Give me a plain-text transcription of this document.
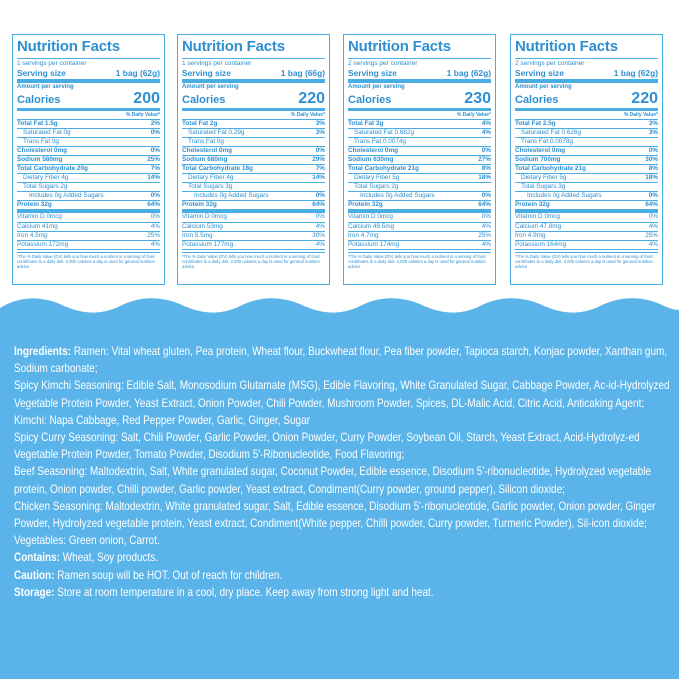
Nutrition Facts
1 servings per container
Serving size	1 bag (62g)
Amount per serving
Calories	200
% Daily Value*
Total Fat 1.5g	2%
Saturated Fat 0g	0%
Trans Fat 0g
Cholesterol 0mg	0%
Sodium 580mg	25%
Total Carbohydrate 20g	7%
Dietary Fiber 4g	14%
Total Sugars 2g
Includes 0g Added Sugars	0%
Protein 32g	64%
Vitamin D 0mcg	0%
Calcium 41mg	4%
Iron 4.5mg	25%
Potassium 172mg	4%
*The % Daily Value (DV) tells you how much a nutrient in a serving of food contributes to a daily diet. 2,000 calories a day is used for general nutrition advice.
Nutrition Facts
1 servings per container
Serving size	1 bag (66g)
Amount per serving
Calories	220
% Daily Value*
Total Fat 2g	3%
Saturated Fat 0.29g	3%
Trans Fat 0g
Cholesterol 0mg	0%
Sodium 680mg	29%
Total Carbohydrate 18g	7%
Dietary Fiber 4g	14%
Total Sugars 3g
Includes 0g Added Sugars	0%
Protein 32g	64%
Vitamin D 0mcg	0%
Calcium 53mg	4%
Iron 5.5mg	30%
Potassium 177mg	4%
*The % Daily Value (DV) tells you how much a nutrient in a serving of food contributes to a daily diet. 2,000 calories a day is used for general nutrition advice.
Nutrition Facts
2 servings per container
Serving size	1 bag (62g)
Amount per serving
Calories	230
% Daily Value*
Total Fat 3g	4%
Saturated Fat 0.682g	4%
Trans Fat 0.0074g
Cholesterol 0mg	0%
Sodium 630mg	27%
Total Carbohydrate 21g	8%
Dietary Fiber 5g	18%
Total Sugars 2g
Includes 0g Added Sugars	0%
Protein 32g	64%
Vitamin D 0mcg	0%
Calcium 49.5mg	4%
Iron 4.7mg	25%
Potassium 174mg	4%
*The % Daily Value (DV) tells you how much a nutrient in a serving of food contributes to a daily diet. 2,000 calories a day is used for general nutrition advice.
Nutrition Facts
2 servings per container
Serving size	1 bag (62g)
Amount per serving
Calories	220
% Daily Value*
Total Fat 2.5g	3%
Saturated Fat 0.626g	3%
Trans Fat 0.0078g
Cholesterol 0mg	0%
Sodium 700mg	30%
Total Carbohydrate 21g	8%
Dietary Fiber 5g	18%
Total Sugars 3g
Includes 0g Added Sugars	0%
Protein 32g	64%
Vitamin D 0mcg	0%
Calcium 47.8mg	4%
Iron 4.9mg	25%
Potassium 164mg	4%
*The % Daily Value (DV) tells you how much a nutrient in a serving of food contributes to a daily diet. 2,000 calories a day is used for general nutrition advice.

Ingredients: Ramen: Vital wheat gluten, Pea protein, Wheat flour, Buckwheat flour, Pea fiber powder, Tapioca starch, Konjac powder, Xanthan gum, Sodium carbonate;

Spicy Kimchi Seasoning: Edible Salt, Monosodium Glutamate (MSG), Edible Flavoring, White Granulated Sugar, Cabbage Powder, Ac-id-Hydrolyzed Vegetable Protein Powder, Yeast Extract, Onion Powder, Chili Powder, Mushroom Powder, Spices, DL-Malic Acid, Citric Acid, Anticaking Agent;

Kimchi: Napa Cabbage, Red Pepper Powder, Garlic, Ginger, Sugar

Spicy Curry Seasoning: Salt, Chili Powder, Garlic Powder, Onion Powder, Curry Powder, Soybean Oil, Starch, Yeast Extract, Acid-Hydrolyz-ed Vegetable Protein Powder, Tomato Powder, Disodium 5'-Ribonucleotide, Food Flavoring;

Beef Seasoning: Maltodextrin, Salt, White granulated sugar, Coconut Powder, Edible essence, Disodium 5'-ribonucleotide, Hydrolyzed vegetable protein, Onion powder, Chilli powder, Garlic powder, Yeast extract, Condiment(Curry powder, ground pepper), Silicon dioxide;

Chicken Seasoning: Maltodextrin, White granulated sugar, Salt, Edible essence, Disodium 5'-ribonucleotide, Garlic powder, Onion powder, Ginger Powder, Hydrolyzed vegetable protein, Yeast extract, Condiment(White pepper, Chilli powder, Curry powder, Turmeric Powder), Sil-icon dioxide;

Vegetables: Green onion, Carrot.

Contains: Wheat, Soy products.

Caution: Ramen soup will be HOT. Out of reach for children.

Storage: Store at room temperature in a cool, dry place. Keep away from strong light and heat.
